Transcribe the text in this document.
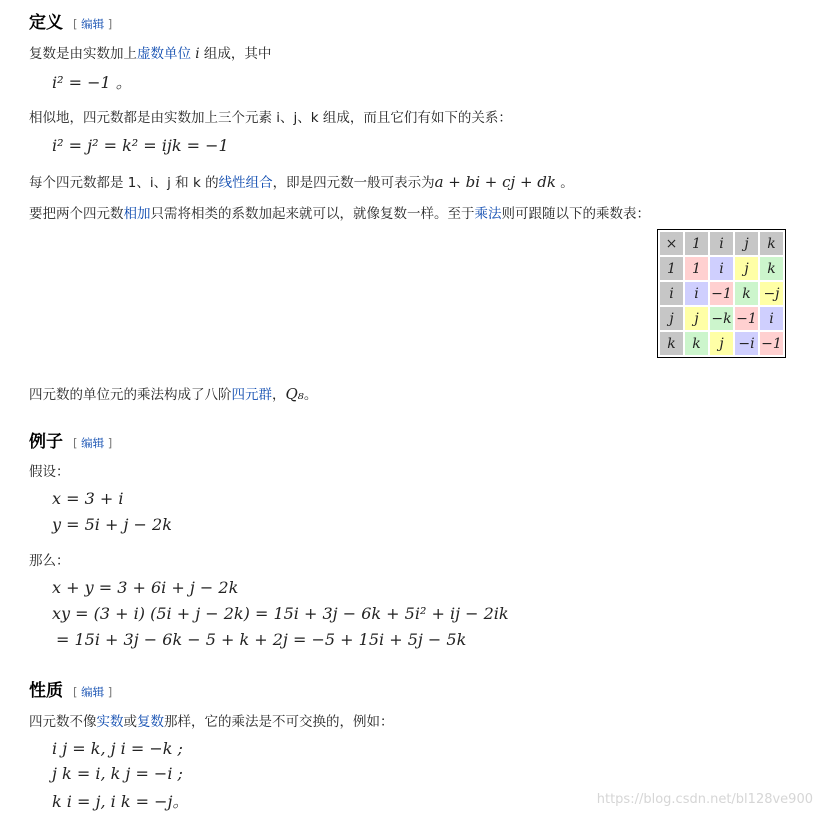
定义 [ 编辑 ]
复数是由实数加上虚数单位 i 组成，其中
i² = −1 。
相似地，四元数都是由实数加上三个元素 i、j、k 组成，而且它们有如下的关系：
i² = j² = k² = ijk = −1
每个四元数都是 1、i、j 和 k 的线性组合，即是四元数一般可表示为a + bi + cj + dk 。
要把两个四元数相加只需将相类的系数加起来就可以，就像复数一样。至于乘法则可跟随以下的乘数表：
×	1	i	j	k
1	1	i	j	k
i	i	−1	k	−j
j	j	−k	−1	i
k	k	j	−i	−1
四元数的单位元的乘法构成了八阶四元群，Q₈。
例子 [ 编辑 ]
假设：
x = 3 + i
y = 5i + j − 2k
那么：
x + y = 3 + 6i + j − 2k
xy = (3 + i) (5i + j − 2k) = 15i + 3j − 6k + 5i² + ij − 2ik
= 15i + 3j − 6k − 5 + k + 2j = −5 + 15i + 5j − 5k
性质 [ 编辑 ]
四元数不像实数或复数那样，它的乘法是不可交换的，例如：
i j = k, j i = −k ;
j k = i, k j = −i ;
k i = j, i k = −j。	https://blog.csdn.net/bl128ve900
